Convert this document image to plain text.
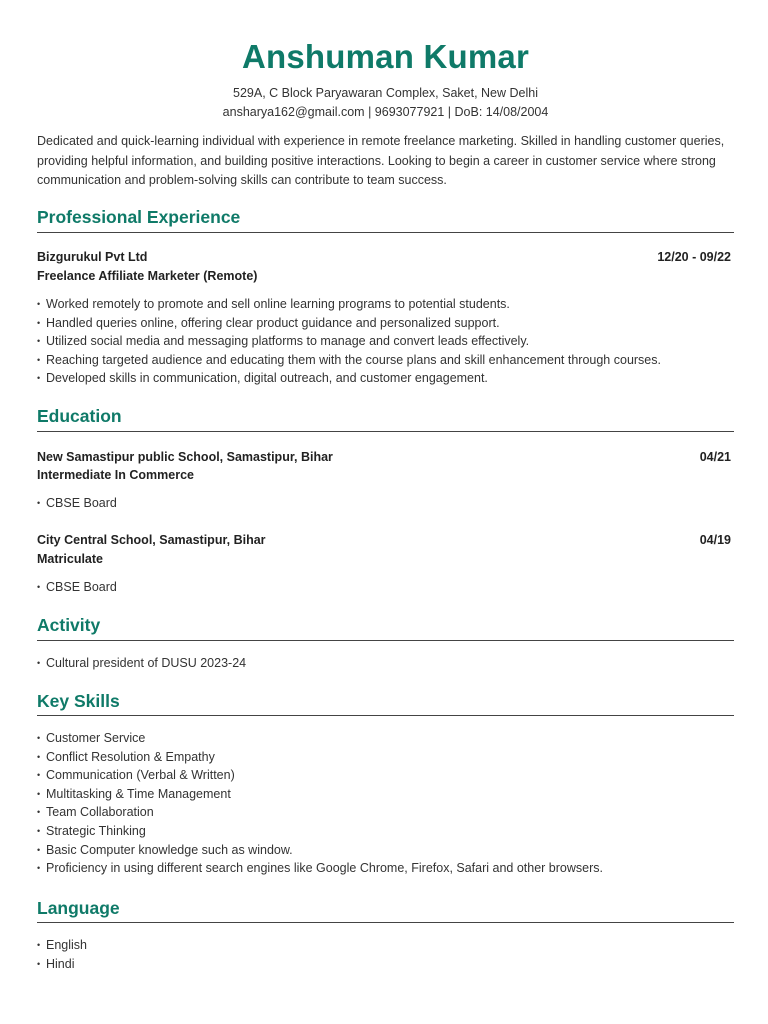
Anshuman Kumar
529A, C Block Paryawaran Complex, Saket, New Delhi
ansharya162@gmail.com | 9693077921 | DoB: 14/08/2004
Dedicated and quick-learning individual with experience in remote freelance marketing. Skilled in handling customer queries, providing helpful information, and building positive interactions. Looking to begin a career in customer service where strong communication and problem-solving skills can contribute to team success.
Professional Experience
Bizgurukul Pvt Ltd	12/20 - 09/22
Freelance Affiliate Marketer (Remote)
• Worked remotely to promote and sell online learning programs to potential students.
• Handled queries online, offering clear product guidance and personalized support.
• Utilized social media and messaging platforms to manage and convert leads effectively.
• Reaching targeted audience and educating them with the course plans and skill enhancement through courses.
• Developed skills in communication, digital outreach, and customer engagement.
Education
New Samastipur public School, Samastipur, Bihar	04/21
Intermediate In Commerce
• CBSE Board
City Central School, Samastipur, Bihar	04/19
Matriculate
• CBSE Board
Activity
• Cultural president of DUSU 2023-24
Key Skills
• Customer Service
• Conflict Resolution & Empathy
• Communication (Verbal & Written)
• Multitasking & Time Management
• Team Collaboration
• Strategic Thinking
• Basic Computer knowledge such as window.
• Proficiency in using different search engines like Google Chrome, Firefox, Safari and other browsers.
Language
• English
• Hindi
